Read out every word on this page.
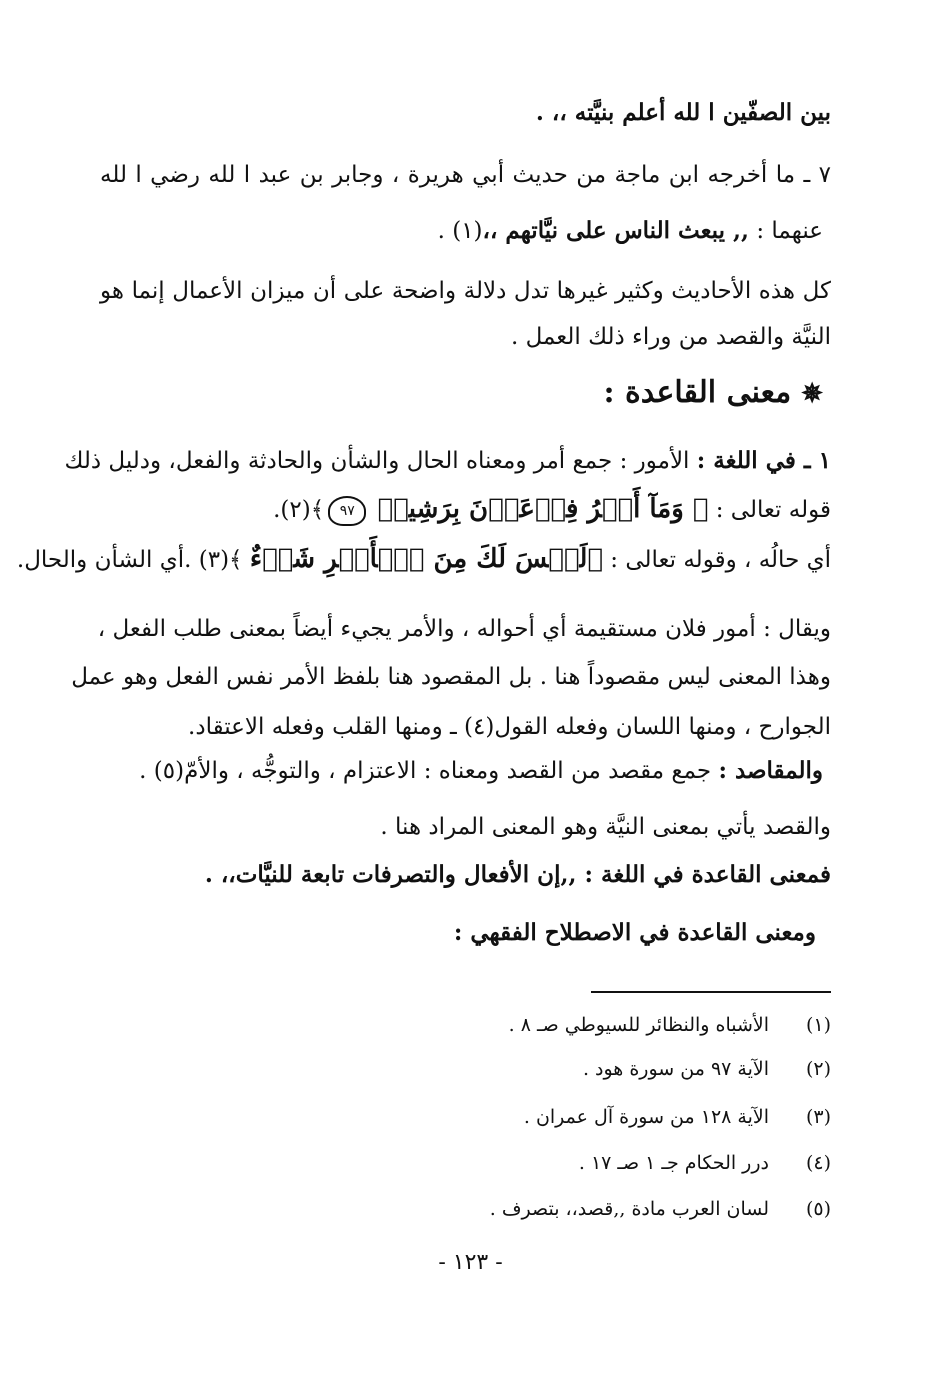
بين الصفّين ا لله أعلم بنيَّته ،، .
٧ ـ ما أخرجه ابن ماجة من حديث أبي هريرة ، وجابر بن عبد ا لله رضي ا لله
عنهما : ,, يبعث الناس على نيَّاتهم ،،(١) .
كل هذه الأحاديث وكثير غيرها تدل دلالة واضحة على أن ميزان الأعمال إنما هو
النيَّة والقصد من وراء ذلك العمل .
✵معنى القاعدة :
١ ـ في اللغة : الأمور : جمع أمر ومعناه الحال والشأن والحادثة والفعل، ودليل ذلك
قوله تعالى : ﴿ وَمَآ أَمۡرُ فِرۡعَوۡنَ بِرَشِيدٖ ٩٧﴾(٢).
أي حالُه ، وقوله تعالى : ﴿لَيۡسَ لَكَ مِنَ ٱلۡأَمۡرِ شَيۡءٌ ﴾(٣) .أي الشأن والحال.
ويقال : أمور فلان مستقيمة أي أحواله ، والأمر يجيء أيضاً بمعنى طلب الفعل ،
وهذا المعنى ليس مقصوداً هنا . بل المقصود هنا بلفظ الأمر نفس الفعل وهو عمل
الجوارح ، ومنها اللسان وفعله القول(٤) ـ ومنها القلب وفعله الاعتقاد.
والمقاصد : جمع مقصد من القصد ومعناه : الاعتزام ، والتوجُّه ، والأمّ(٥) .
والقصد يأتي بمعنى النيَّة وهو المعنى المراد هنا .
فمعنى القاعدة في اللغة : ,,إن الأفعال والتصرفات تابعة للنيَّات،، .
ومعنى القاعدة في الاصطلاح الفقهي :
(١)الأشباه والنظائر للسيوطي صـ ٨ .
(٢)الآية ٩٧ من سورة هود .
(٣)الآية ١٢٨ من سورة آل عمران .
(٤)درر الحكام جـ ١ صـ ١٧ .
(٥)لسان العرب مادة ,,قصد،، بتصرف .
- ١٢٣ -
